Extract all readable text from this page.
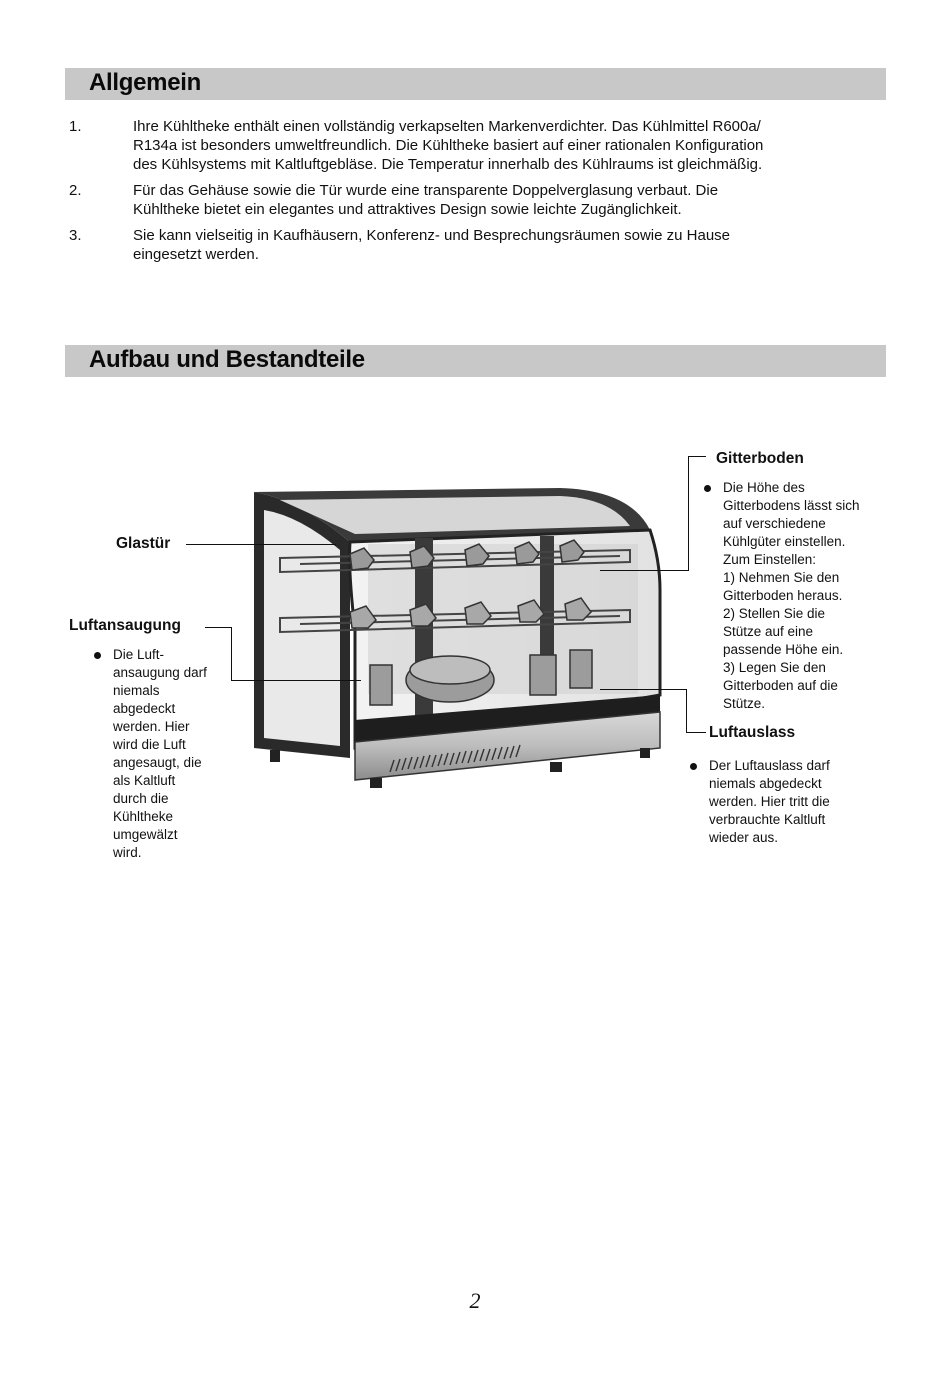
Allgemein
1.	Ihre Kühltheke enthält einen vollständig verkapselten Markenverdichter. Das Kühlmittel R600a/
R134a ist besonders umweltfreundlich. Die Kühltheke basiert auf einer rationalen Konfiguration
des Kühlsystems mit Kaltluftgebläse. Die Temperatur innerhalb des Kühlraums ist gleichmäßig.
2.	Für das Gehäuse sowie die Tür wurde eine transparente Doppelverglasung verbaut. Die
Kühltheke bietet ein elegantes und attraktives Design sowie leichte Zugänglichkeit.
3.	Sie kann vielseitig in Kaufhäusern, Konferenz- und Besprechungsräumen sowie zu Hause
eingesetzt werden.
Aufbau und Bestandteile
Glastür
Luftansaugung
Die Luft-
ansaugung darf
niemals
abgedeckt
werden. Hier
wird die Luft
angesaugt, die
als Kaltluft
durch die
Kühltheke
umgewälzt
wird.
Gitterboden
Die Höhe des
Gitterbodens lässt sich
auf verschiedene
Kühlgüter einstellen.
Zum Einstellen:
1) Nehmen Sie den
Gitterboden heraus.
2) Stellen Sie die
Stütze auf eine
passende Höhe ein.
3) Legen Sie den
Gitterboden auf die
Stütze.
Luftauslass
Der Luftauslass darf
niemals abgedeckt
werden. Hier tritt die
verbrauchte Kaltluft
wieder aus.
2
